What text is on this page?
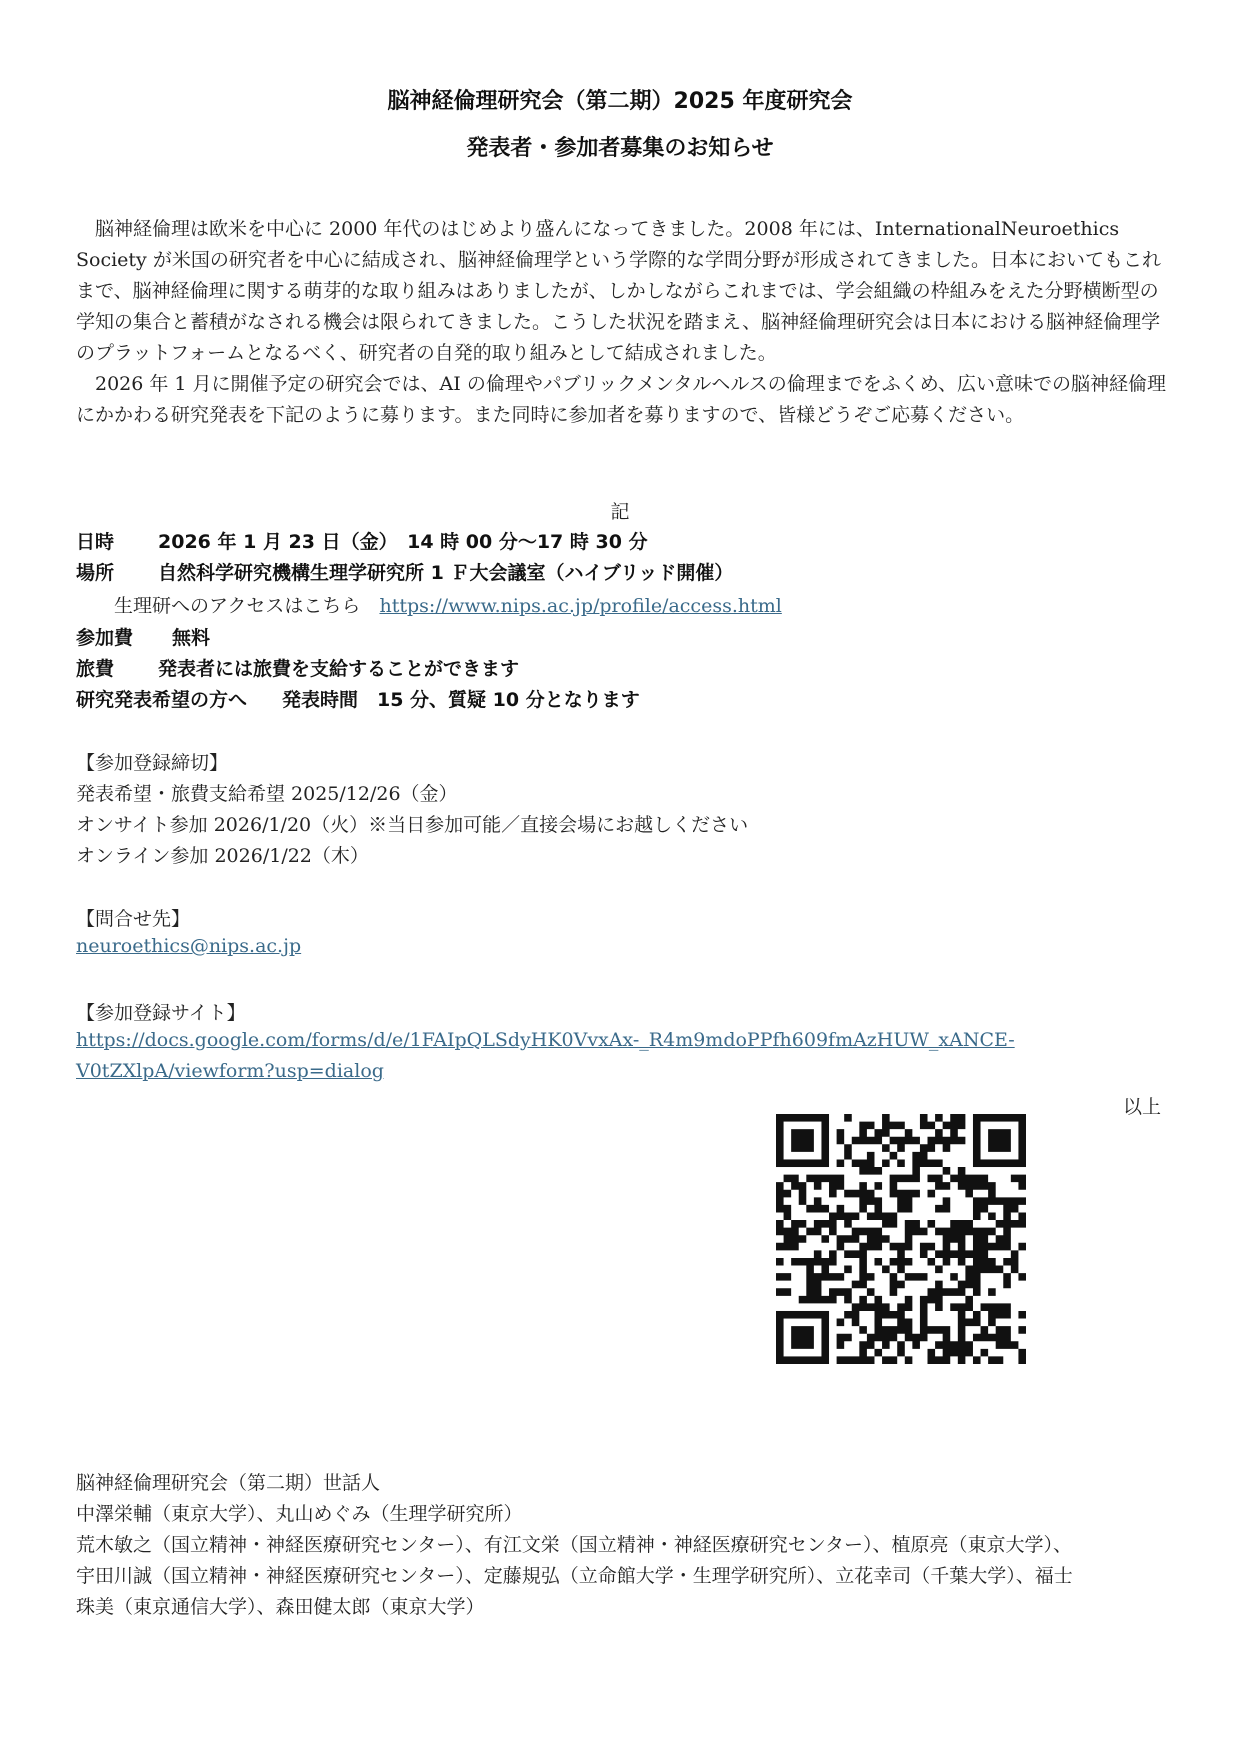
脳神経倫理研究会（第二期）2025 年度研究会
発表者・参加者募集のお知らせ

脳神経倫理は欧米を中心に 2000 年代のはじめより盛んになってきました。2008 年には、InternationalNeuroethics Society が米国の研究者を中心に結成され、脳神経倫理学という学際的な学問分野が形成されてきました。日本においてもこれまで、脳神経倫理に関する萌芽的な取り組みはありましたが、しかしながらこれまでは、学会組織の枠組みをえた分野横断型の学知の集合と蓄積がなされる機会は限られてきました。こうした状況を踏まえ、脳神経倫理研究会は日本における脳神経倫理学のプラットフォームとなるべく、研究者の自発的取り組みとして結成されました。

2026 年 1 月に開催予定の研究会では、AI の倫理やパブリックメンタルヘルスの倫理までをふくめ、広い意味での脳神経倫理にかかわる研究発表を下記のように募ります。また同時に参加者を募りますので、皆様どうぞご応募ください。

記
日時 2026 年 1 月 23 日（金）　14 時 00 分～17 時 30 分
場所 自然科学研究機構生理学研究所 1 Ｆ大会議室（ハイブリッド開催）
生理研へのアクセスはこちら　 https://www.nips.ac.jp/profile/access.html
参加費 無料
旅費 発表者には旅費を支給することができます
研究発表希望の方へ 発表時間　15 分、質疑 10 分となります
【参加登録締切】
発表希望・旅費支給希望 2025/12/26（金）
オンサイト参加 2026/1/20（火）※当日参加可能／直接会場にお越しください
オンライン参加 2026/1/22（木）
【問合せ先】
neuroethics@nips.ac.jp
【参加登録サイト】
https://docs.google.com/forms/d/e/1FAIpQLSdyHK0VvxAx-_R4m9mdoPPfh609fmAzHUW_xANCE-
V0tZXlpA/viewform?usp=dialog
以上
脳神経倫理研究会（第二期）世話人
中澤栄輔（東京大学）、丸山めぐみ（生理学研究所）
荒木敏之（国立精神・神経医療研究センター）、有江文栄（国立精神・神経医療研究センター）、植原亮（東京大学）、
宇田川誠（国立精神・神経医療研究センター）、定藤規弘（立命館大学・生理学研究所）、立花幸司（千葉大学）、福士
珠美（東京通信大学）、森田健太郎（東京大学）
